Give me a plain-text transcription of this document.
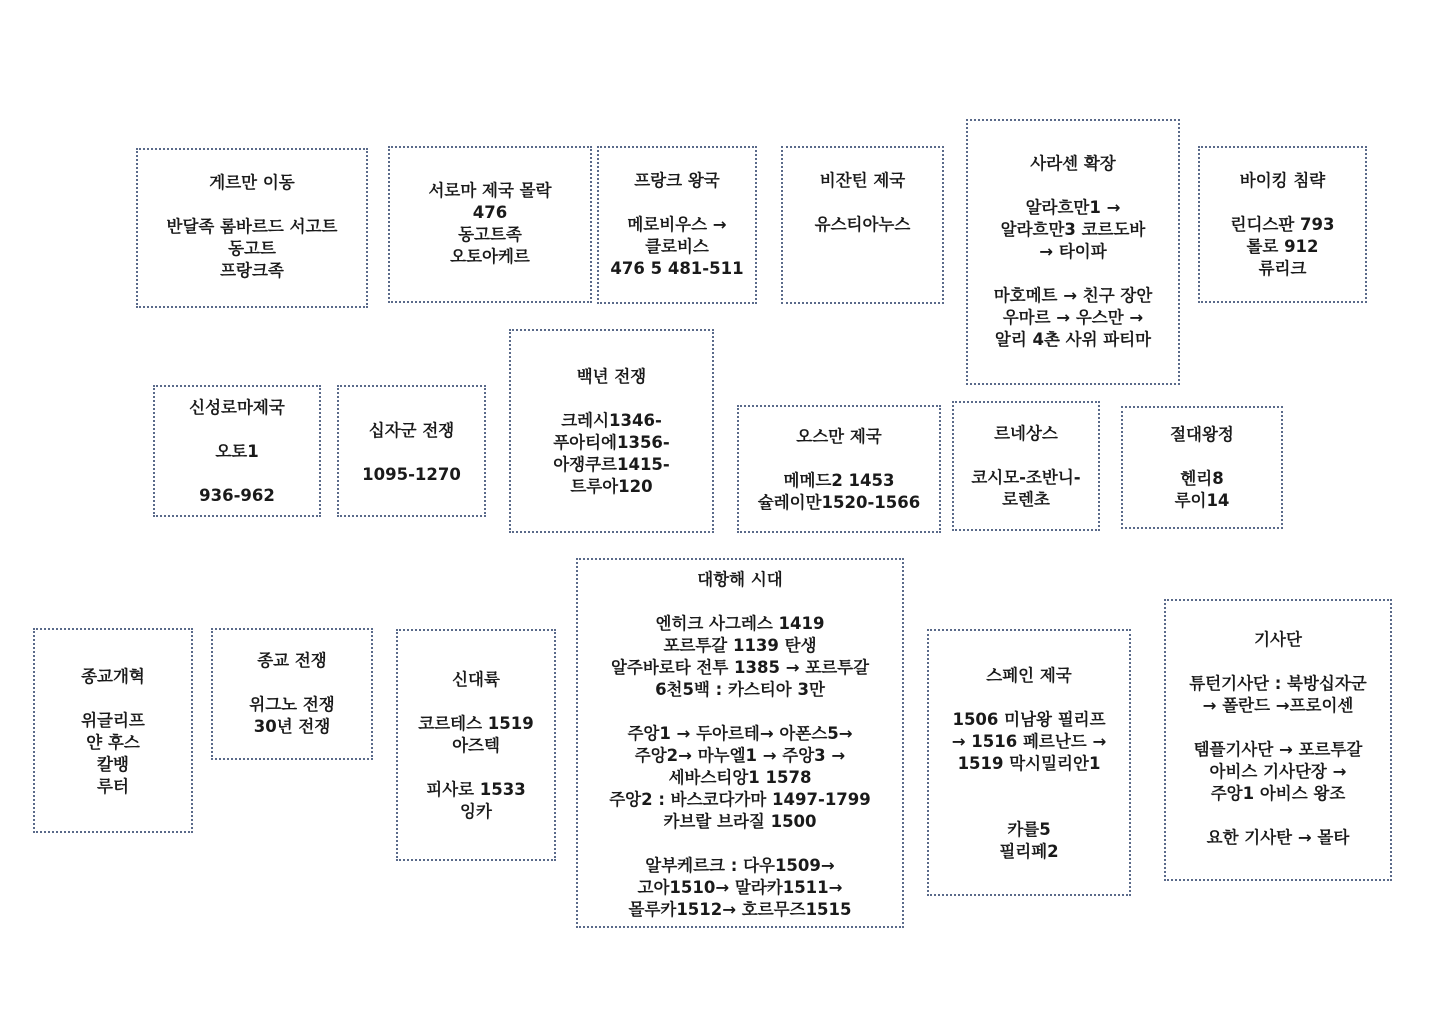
게르만 이동
반달족 롬바르드 서고트
동고트
프랑크족
서로마 제국 몰락
476
동고트족
오토아케르
프랑크 왕국
메로비우스 →
클로비스
476 5 481-511
비잔틴 제국
유스티아누스
사라센 확장
알라흐만1 →
알라흐만3 코르도바
→ 타이파
마호메트 → 친구 장안
우마르 → 우스만 →
알리 4촌 사위 파티마
바이킹 침략
린디스판 793
롤로 912
류리크
신성로마제국
오토1
936-962
십자군 전쟁
1095-1270
백년 전쟁
크레시1346-
푸아티에1356-
아쟁쿠르1415-
트루아120
오스만 제국
메메드2 1453
슐레이만1520-1566
르네상스
코시모-조반니-
로렌초
절대왕정
헨리8
루이14
종교개혁
위글리프
얀 후스
칼뱅
루터
종교 전쟁
위그노 전쟁
30년 전쟁
신대륙
코르테스 1519
아즈텍
피사로 1533
잉카
대항해 시대
엔히크 사그레스 1419
포르투갈 1139 탄생
알주바로타 전투 1385 → 포르투갈
6천5백 : 카스티아 3만
주앙1 → 두아르테→ 아폰스5→
주앙2→ 마누엘1 → 주앙3 →
세바스티앙1 1578
주앙2 : 바스코다가마 1497-1799
카브랄 브라질 1500
알부케르크 : 다우1509→
고아1510→ 말라카1511→
몰루카1512→ 호르무즈1515
스페인 제국
1506 미남왕 필리프
→ 1516 페르난드 →
1519 막시밀리안1
카를5
필리페2
기사단
튜턴기사단 : 북방십자군
→ 폴란드 →프로이센
템플기사단 → 포르투갈
아비스 기사단장 →
주앙1 아비스 왕조
요한 기사탄 → 몰타
